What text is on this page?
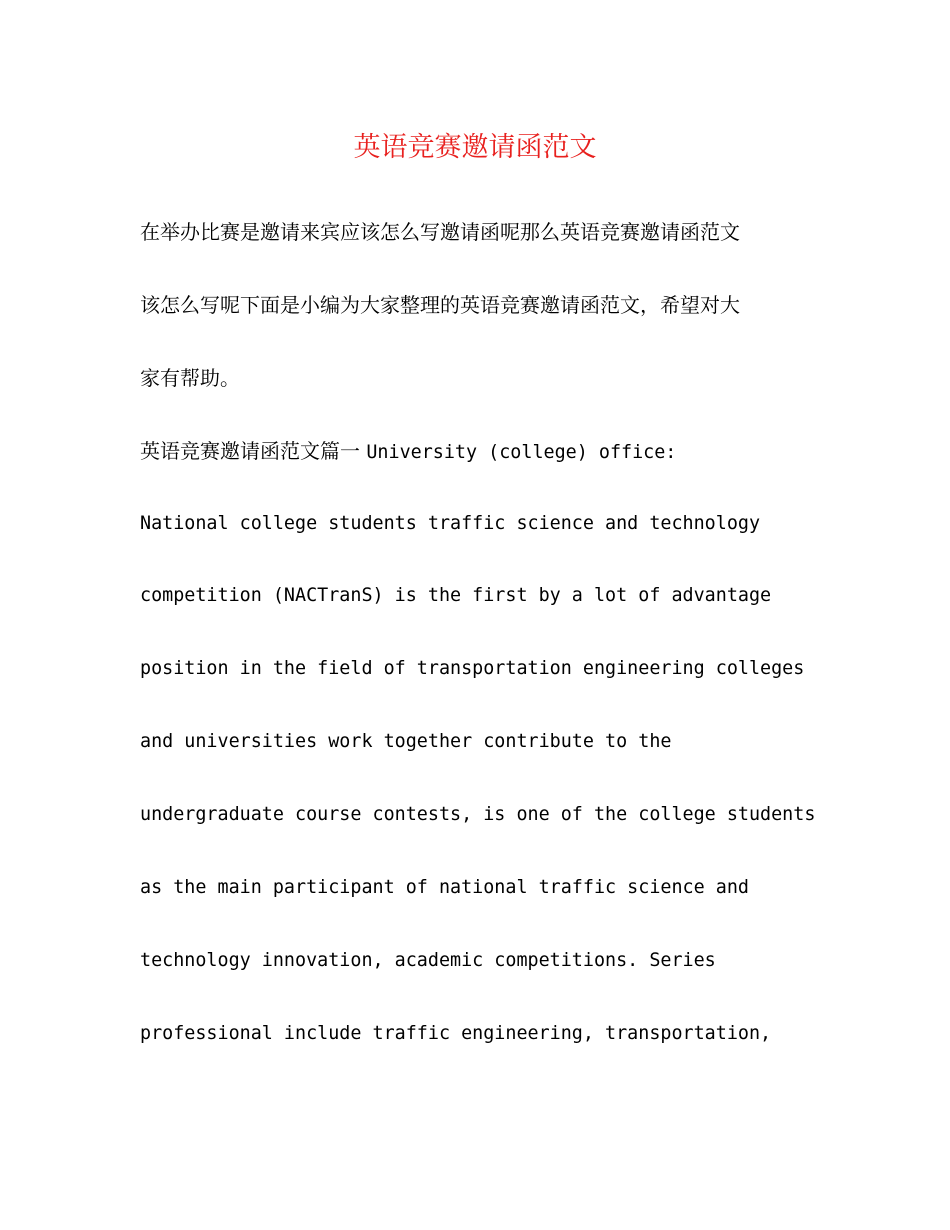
英语竞赛邀请函范文
在举办比赛是邀请来宾应该怎么写邀请函呢那么英语竞赛邀请函范文
该怎么写呢下面是小编为大家整理的英语竞赛邀请函范文，希望对大
家有帮助。
英语竞赛邀请函范文篇一 University (college) office:
National college students traffic science and technology
competition (NACTranS) is the first by a lot of advantage
position in the field of transportation engineering colleges
and universities work together contribute to the
undergraduate course contests, is one of the college students
as the main participant of national traffic science and
technology innovation, academic competitions. Series
professional include traffic engineering, transportation,
